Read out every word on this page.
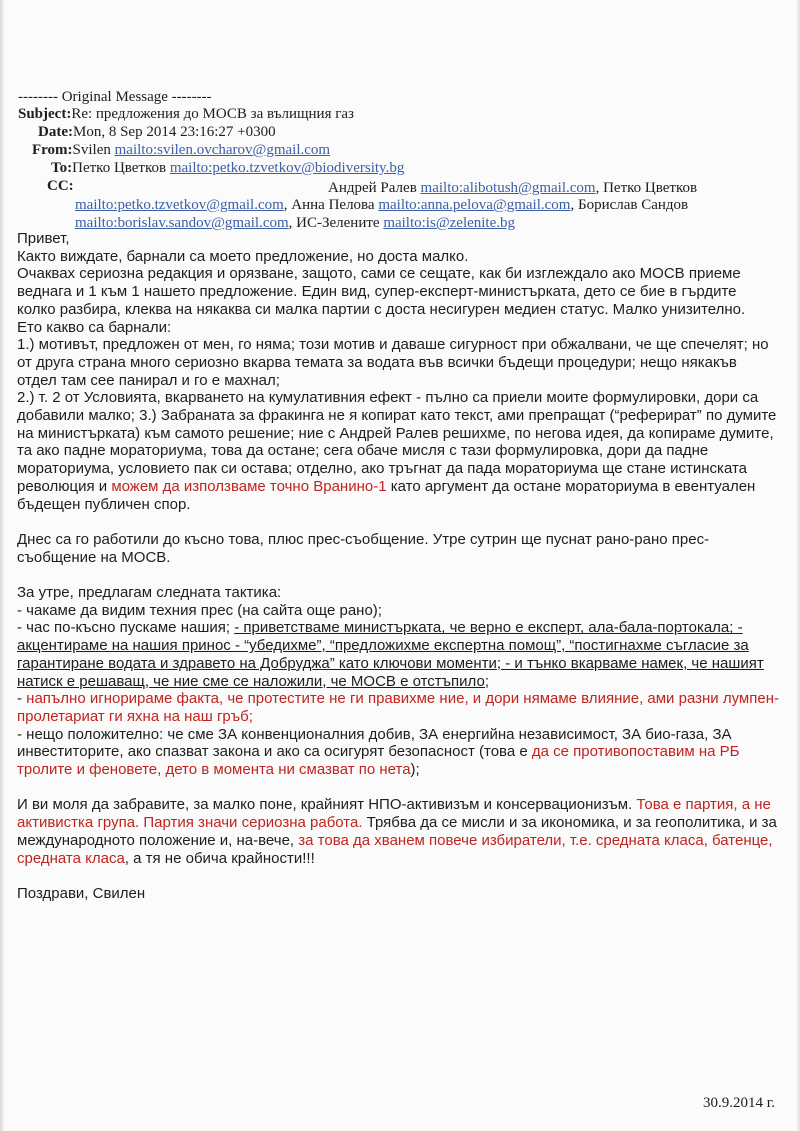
-------- Original Message --------
Subject:Re: предложения до МОСВ за вълищния газ
Date:Mon, 8 Sep 2014 23:16:27 +0300
From:Svilen mailto:svilen.ovcharov@gmail.com
To:Петко Цветков mailto:petko.tzvetkov@biodiversity.bg
CC:	Андрей Ралев mailto:alibotush@gmail.com, Петко Цветков
mailto:petko.tzvetkov@gmail.com, Анна Пелова mailto:anna.pelova@gmail.com, Борислав Сандов
mailto:borislav.sandov@gmail.com, ИС-Зелените mailto:is@zelenite.bg

Привет,

Както виждате, барнали са моето предложение, но доста малко.

Очаквах сериозна редакция и орязване, защото, сами се сещате, как би изглеждало ако МОСВ приеме веднага и 1 към 1 нашето предложение. Един вид, супер-експерт-министърката, дето се бие в гърдите колко разбира, клеква на някаква си малка партии с доста несигурен медиен статус. Малко унизително.

Ето какво са барнали:

1.) мотивът, предложен от мен, го няма; този мотив и даваше сигурност при обжалвани, че ще спечелят; но от друга страна много сериозно вкарва темата за водата във всички бъдещи процедури; нещо някакъв отдел там сее панирал и го е махнал;

2.) т. 2 от Условията, вкарването на кумулативния ефект - пълно са приели моите формулировки, дори са добавили малко; 3.) Забраната за фракинга не я копират като текст, ами препращат (“рефериpат” по думите на министърката) към самото решение; ние с Андрей Ралев решихме, по негова идея, да копираме думите, та ако падне моратoриума, това да остане; сега обаче мисля с тази формулировка, дори да падне моратoриума, условието пак си остава; отделно, ако тръгнат да пада моратoриума ще стане истинската революция и можем да използваме точно Вранино-1 като аргумент да остане моратoриума в евентуален бъдещен публичен спор.

Днес са го работили до късно това, плюс прес-съобщение. Утре сутрин ще пуснат рано-рано прес-съобщение на МОСВ.

За утре, предлагам следната тактика:

- чакаме да видим техния прес (на сайта още рано);

- час по-късно пускаме нашия; - приветстваме министърката, че верно е експерт, ала-бала-портокала; - акцентираме на нашия принос - “убедихме”, “предложихме експертна помощ”, “постигнахме съгласие за гарантиране водата и здравето на Добруджа” като ключови моменти; - и тънко вкарваме намек, че нашият натиск е решаващ, че ние сме се наложили, че МОСВ е отстъпило;

- напълно игнорираме факта, че протестите не ги правихме ние, и дори нямаме влияние, ами разни лумпен-пролетариат ги яхна на наш гръб;

- нещо положително: че сме ЗА конвенционалния добив, ЗА енергийна независимост, ЗА био-газа, ЗА инвеститорите, ако спазват закона и ако са осигурят безопасност (това е да се противопоставим на РБ тролите и феновете, дето в момента ни смазват по нета);

И ви моля да забравите, за малко поне, крайният НПО-активизъм и консервационизъм. Това е партия, а не активистка група. Партия значи сериозна работа. Трябва да се мисли и за икономика, и за геополитика, и за международното положение и, на-вече, за това да хванем повече избиратели, т.е. средната класа, батенце, средната класа, а тя не обича крайности!!!

Поздрави, Свилен

30.9.2014 г.
